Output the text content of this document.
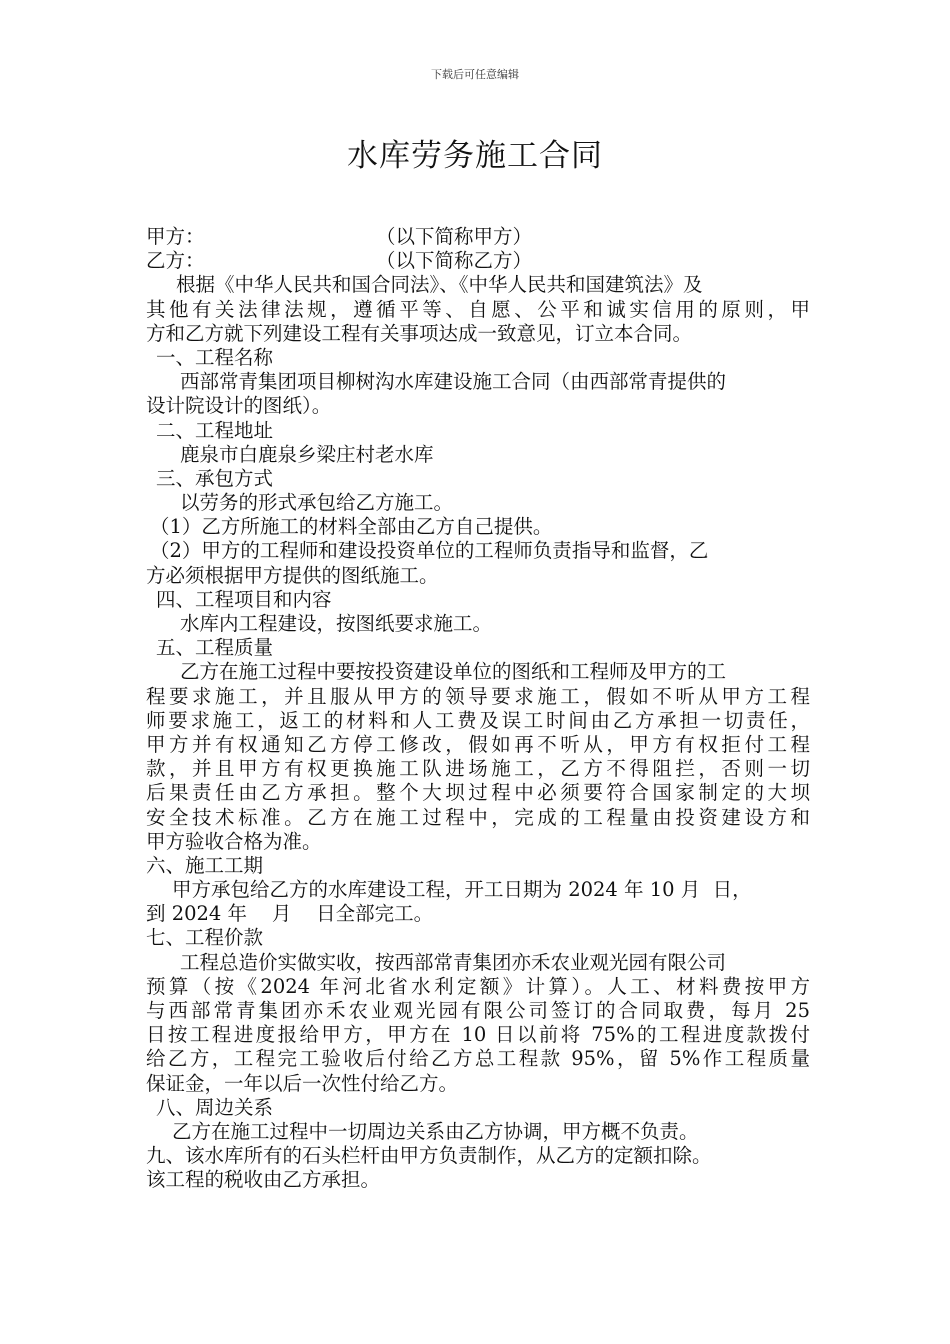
下载后可任意编辑
水库劳务施工合同
甲方：	（以下简称甲方）
乙方：	（以下简称乙方）
根据《中华人民共和国合同法》、《中华人民共和国建筑法》及
其他有关法律法规，遵循平等、自愿、公平和诚实信用的原则，甲
方和乙方就下列建设工程有关事项达成一致意见，订立本合同。
一、工程名称
西部常青集团项目柳树沟水库建设施工合同（由西部常青提供的
设计院设计的图纸）。
二、工程地址
鹿泉市白鹿泉乡梁庄村老水库
三、承包方式
以劳务的形式承包给乙方施工。
（1）乙方所施工的材料全部由乙方自己提供。
（2）甲方的工程师和建设投资单位的工程师负责指导和监督，乙
方必须根据甲方提供的图纸施工。
四、工程项目和内容
水库内工程建设，按图纸要求施工。
五、工程质量
乙方在施工过程中要按投资建设单位的图纸和工程师及甲方的工
程要求施工，并且服从甲方的领导要求施工，假如不听从甲方工程
师要求施工，返工的材料和人工费及误工时间由乙方承担一切责任，
甲方并有权通知乙方停工修改，假如再不听从，甲方有权拒付工程
款，并且甲方有权更换施工队进场施工，乙方不得阻拦，否则一切
后果责任由乙方承担。整个大坝过程中必须要符合国家制定的大坝
安全技术标准。乙方在施工过程中，完成的工程量由投资建设方和
甲方验收合格为准。
六、施工工期
甲方承包给乙方的水库建设工程，开工日期为 2024 年 10 月  日，
到 2024 年    月    日全部完工。
七、工程价款
工程总造价实做实收，按西部常青集团亦禾农业观光园有限公司
预算（按《2024 年河北省水利定额》计算）。人工、材料费按甲方
与西部常青集团亦禾农业观光园有限公司签订的合同取费，每月 25
日按工程进度报给甲方，甲方在 10 日以前将 75%的工程进度款拨付
给乙方，工程完工验收后付给乙方总工程款 95%，留 5%作工程质量
保证金，一年以后一次性付给乙方。
八、周边关系
乙方在施工过程中一切周边关系由乙方协调，甲方概不负责。
九、该水库所有的石头栏杆由甲方负责制作，从乙方的定额扣除。
该工程的税收由乙方承担。
